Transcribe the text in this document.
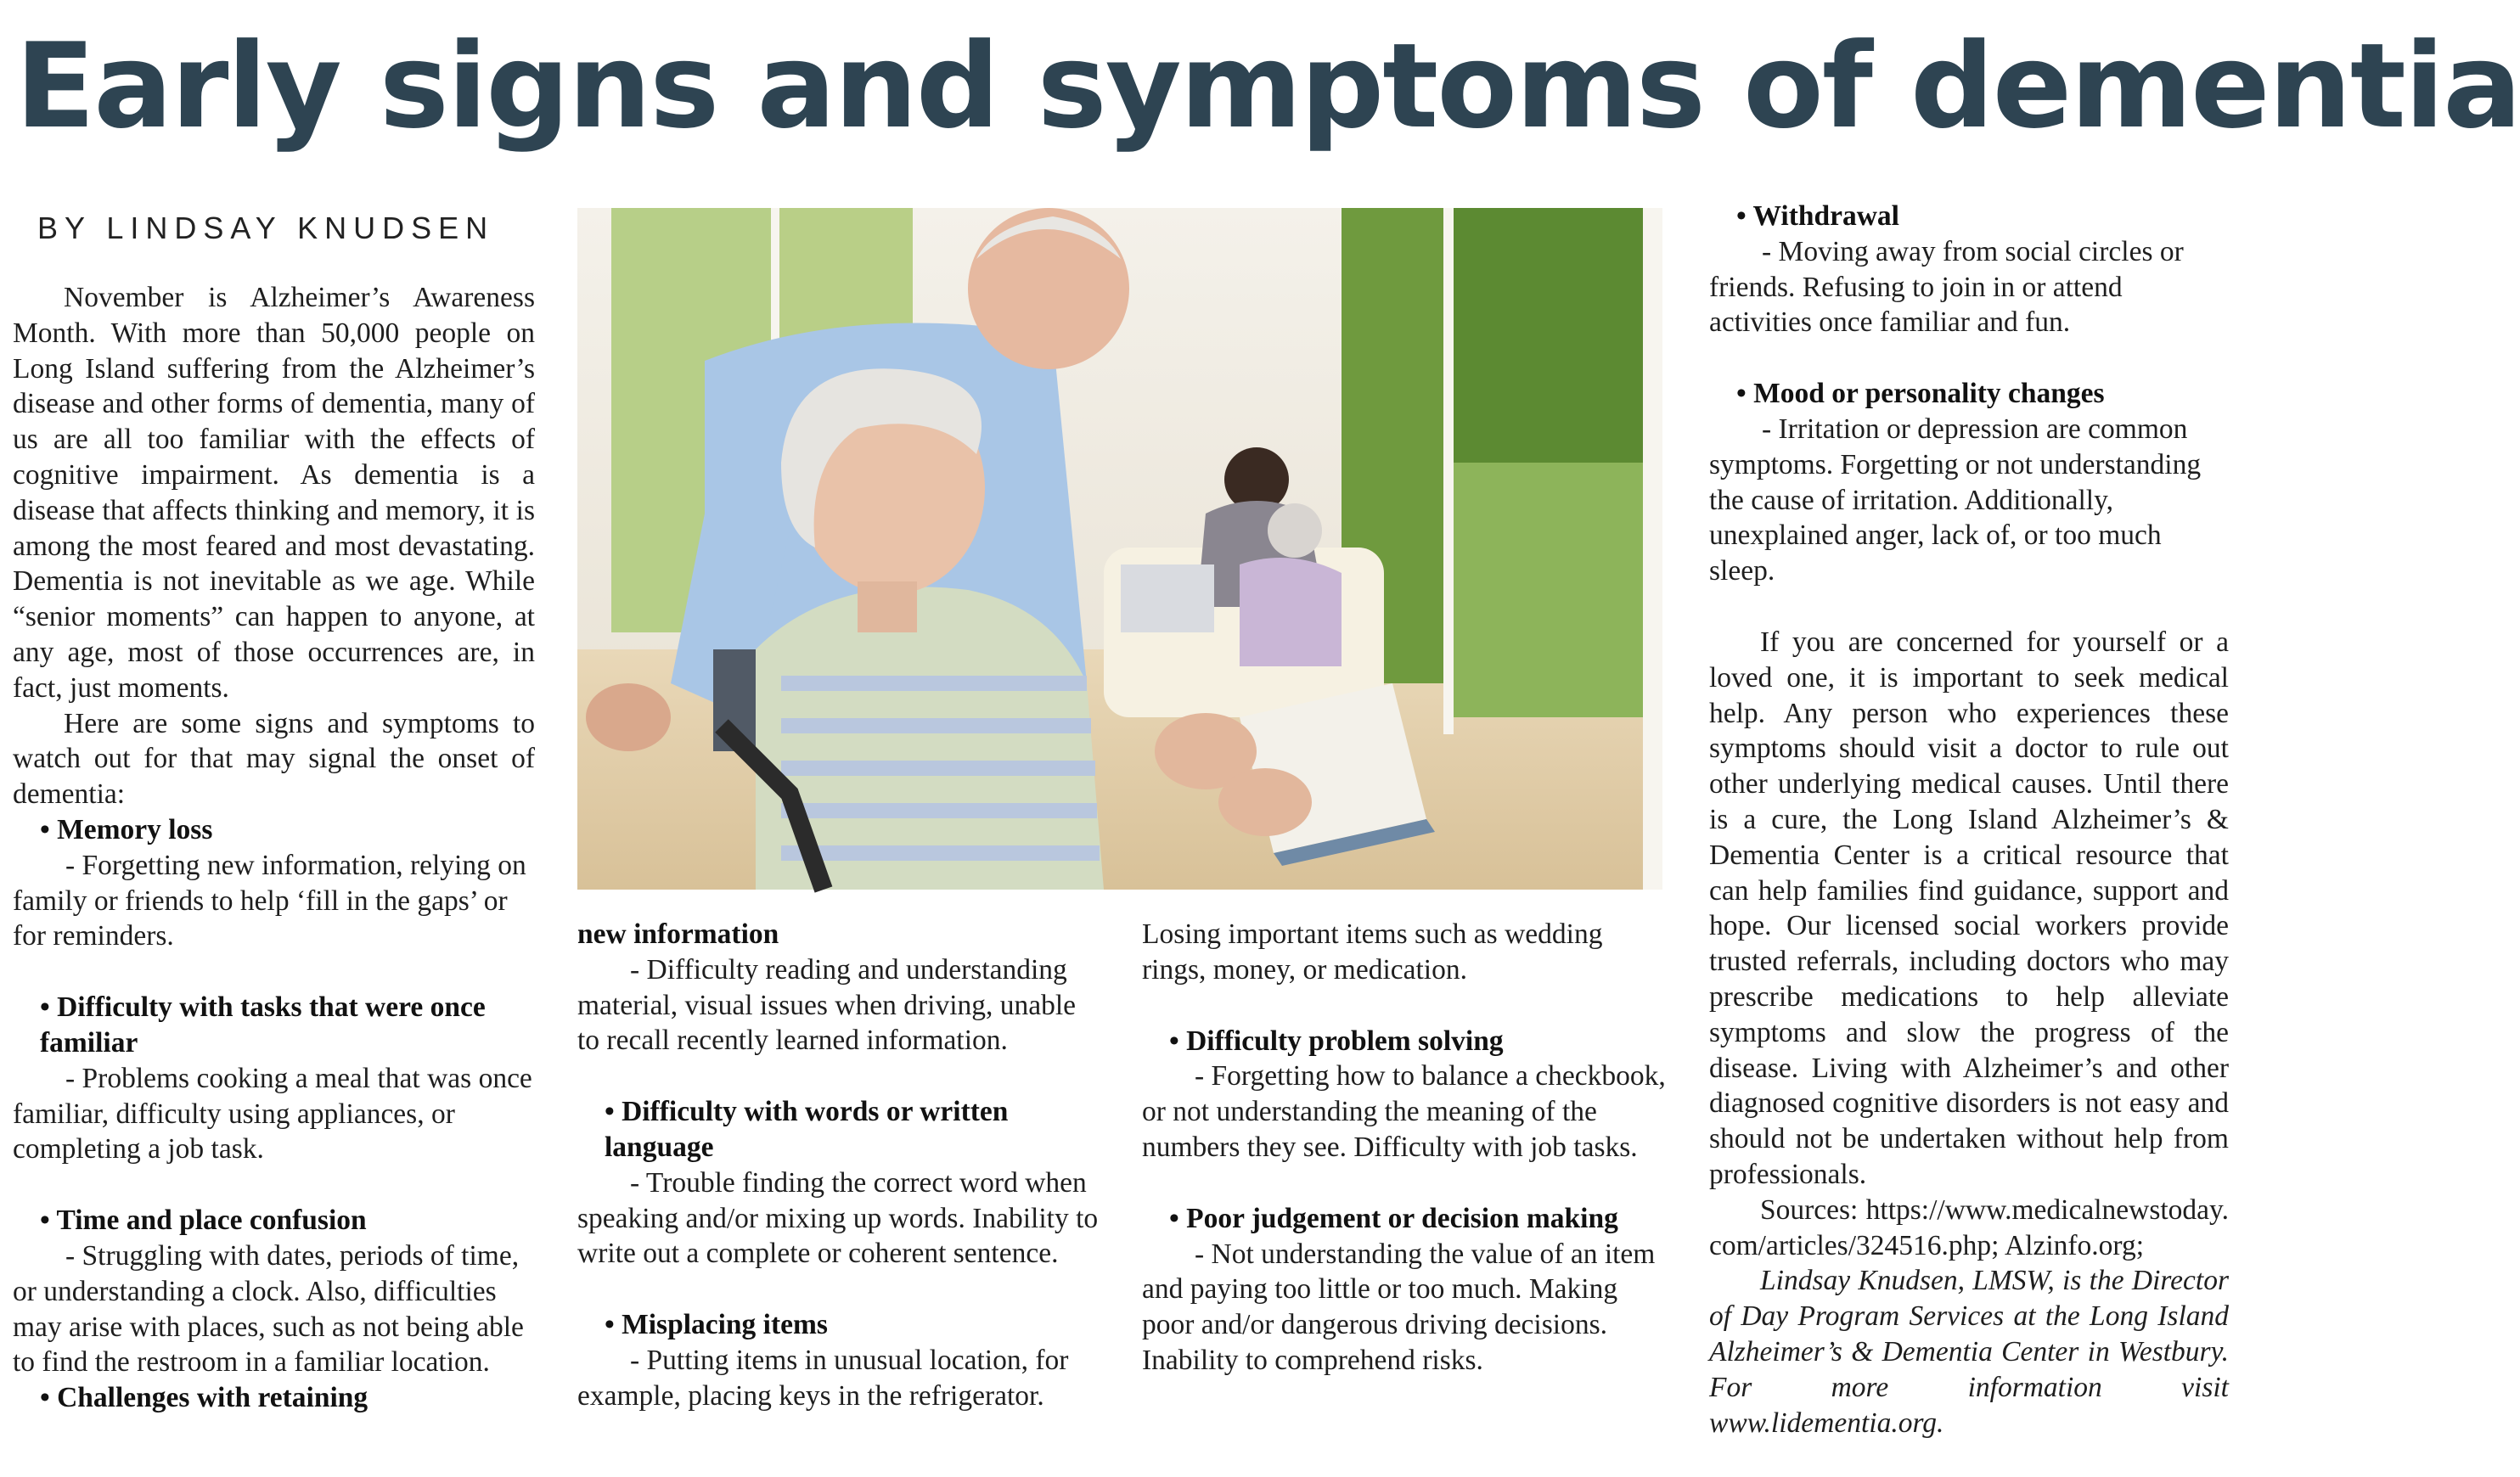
Early signs and symptoms of dementia
BY LINDSAY KNUDSEN

November is Alzheimer’s Awareness Month. With more than 50,000 people on Long Island suffering from the Alzheimer’s disease and other forms of dementia, many of us are all too familiar with the effects of cognitive impairment. As dementia is a disease that affects thinking and memory, it is among the most feared and most devastating. Dementia is not inevitable as we age. While “senior moments” can happen to anyone, at any age, most of those occurrences are, in fact, just moments.

Here are some signs and symptoms to watch out for that may signal the onset of dementia:

• Memory loss

- Forgetting new information, relying on family or friends to help ‘fill in the gaps’ or for reminders.

• Difficulty with tasks that were once familiar

- Problems cooking a meal that was once familiar, difficulty using appliances, or completing a job task.

• Time and place confusion

- Struggling with dates, periods of time, or understanding a clock. Also, difficulties may arise with places, such as not being able to find the restroom in a familiar location.

• Challenges with retaining

new information

- Difficulty reading and understanding material, visual issues when driving, unable to recall recently learned information.

• Difficulty with words or written language

- Trouble finding the correct word when speaking and/or mixing up words. Inability to write out a complete or coherent sentence.

• Misplacing items

- Putting items in unusual location, for example, placing keys in the refrigerator.

Losing important items such as wedding rings, money, or medication.

• Difficulty problem solving

- Forgetting how to balance a checkbook, or not understanding the meaning of the numbers they see. Difficulty with job tasks.

• Poor judgement or decision making

- Not understanding the value of an item and paying too little or too much. Making poor and/or dangerous driving decisions. Inability to comprehend risks.

• Withdrawal

- Moving away from social circles or friends. Refusing to join in or attend activities once familiar and fun.

• Mood or personality changes

- Irritation or depression are common symptoms. Forgetting or not understanding the cause of irritation. Additionally, unexplained anger, lack of, or too much sleep.

If you are concerned for yourself or a loved one, it is important to seek medical help. Any person who experiences these symptoms should visit a doctor to rule out other underlying medical causes. Until there is a cure, the Long Island Alzheimer’s & Dementia Center is a critical resource that can help families find guidance, support and hope. Our licensed social workers provide trusted referrals, including doctors who may prescribe medications to help alleviate symptoms and slow the progress of the disease. Living with Alzheimer’s and other diagnosed cognitive disorders is not easy and should not be undertaken without help from professionals.

Sources: https://www.medicalnewstoday.com/articles/324516.php; Alzinfo.org;

Lindsay Knudsen, LMSW, is the Director of Day Program Services at the Long Island Alzheimer’s & Dementia Center in Westbury. For more information visit www.lidementia.org.
